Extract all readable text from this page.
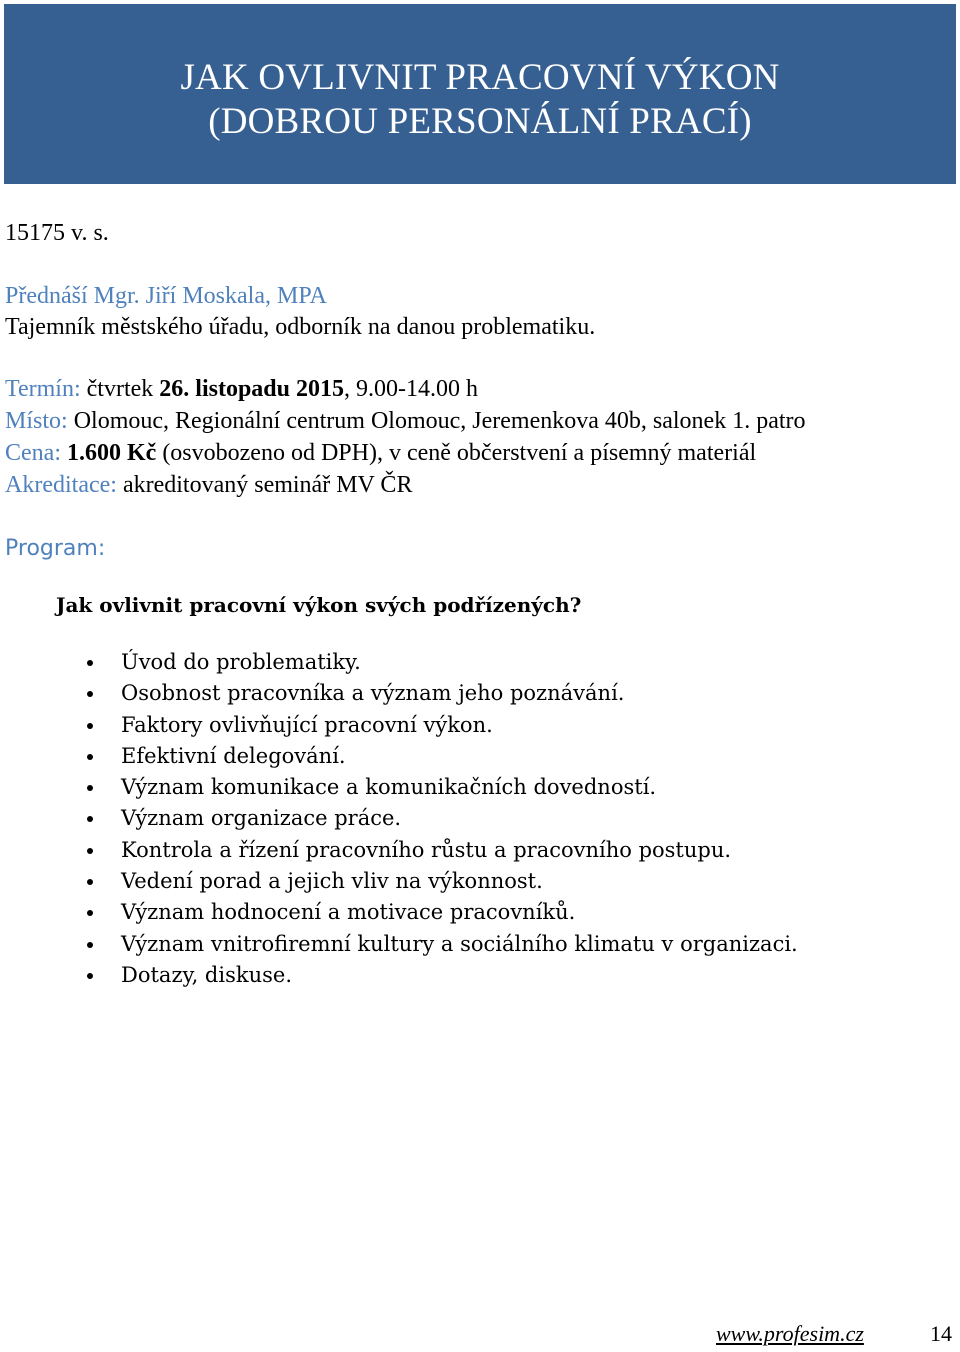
JAK OVLIVNIT PRACOVNÍ VÝKON
(DOBROU PERSONÁLNÍ PRACÍ)
15175 v. s.
Přednáší Mgr. Jiří Moskala, MPA
Tajemník městského úřadu, odborník na danou problematiku.
Termín: čtvrtek 26. listopadu 2015, 9.00-14.00 h
Místo: Olomouc, Regionální centrum Olomouc, Jeremenkova 40b, salonek 1. patro
Cena: 1.600 Kč (osvobozeno od DPH), v ceně občerstvení a písemný materiál
Akreditace: akreditovaný seminář MV ČR
Program:
Jak ovlivnit pracovní výkon svých podřízených?
Úvod do problematiky.
Osobnost pracovníka a význam jeho poznávání.
Faktory ovlivňující pracovní výkon.
Efektivní delegování.
Význam komunikace a komunikačních dovedností.
Význam organizace práce.
Kontrola a řízení pracovního růstu a pracovního postupu.
Vedení porad a jejich vliv na výkonnost.
Význam hodnocení a motivace pracovníků.
Význam vnitrofiremní kultury a sociálního klimatu v organizaci.
Dotazy, diskuse.
www.profesim.cz	14
